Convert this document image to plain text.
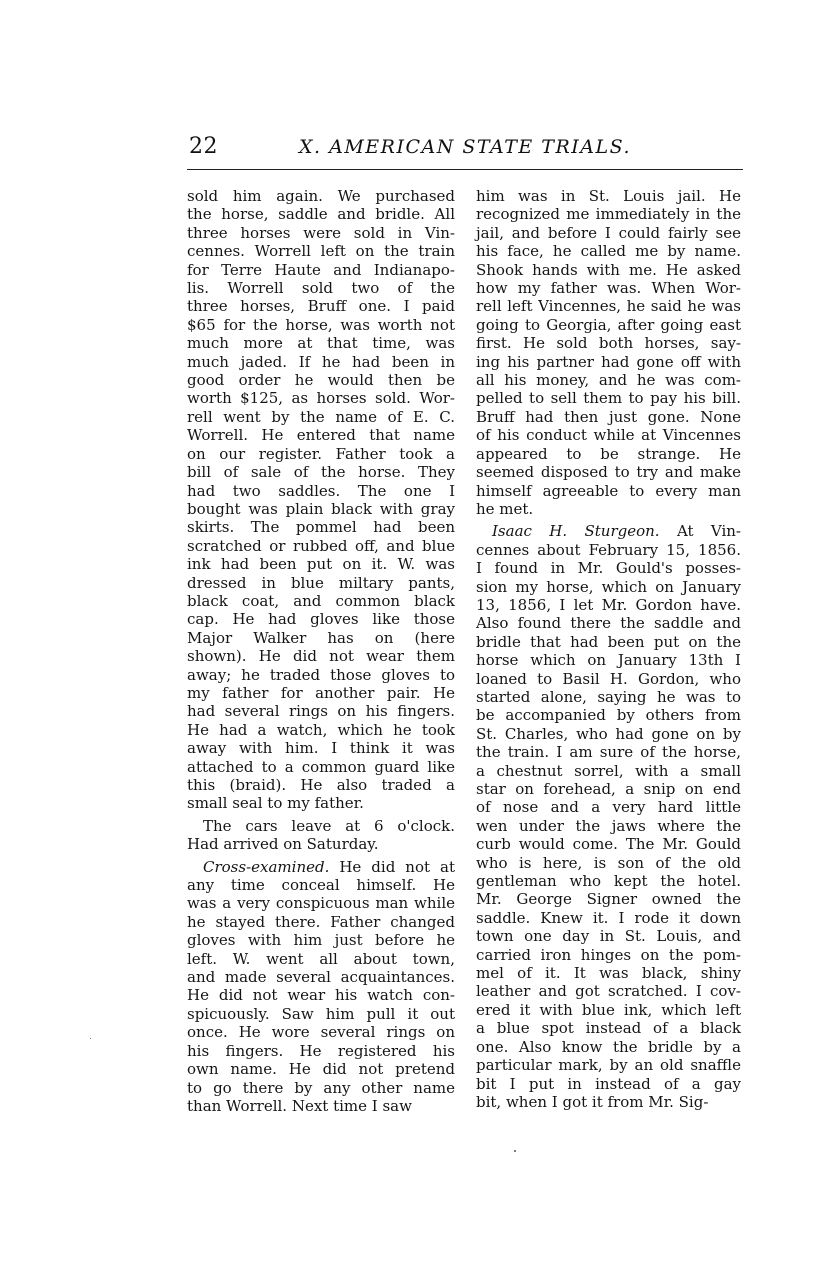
22	X. AMERICAN STATE TRIALS.
sold him again. We purchased
the horse, saddle and bridle. All
three horses were sold in Vin-
cennes. Worrell left on the train
for Terre Haute and Indianapo-
lis. Worrell sold two of the
three horses, Bruff one. I paid
$65 for the horse, was worth not
much more at that time, was
much jaded. If he had been in
good order he would then be
worth $125, as horses sold. Wor-
rell went by the name of E. C.
Worrell. He entered that name
on our register. Father took a
bill of sale of the horse. They
had two saddles. The one I
bought was plain black with gray
skirts. The pommel had been
scratched or rubbed off, and blue
ink had been put on it. W. was
dressed in blue miltary pants,
black coat, and common black
cap. He had gloves like those
Major Walker has on (here
shown). He did not wear them
away; he traded those gloves to
my father for another pair. He
had several rings on his fingers.
He had a watch, which he took
away with him. I think it was
attached to a common guard like
this (braid). He also traded a
small seal to my father.
The cars leave at 6 o'clock.
Had arrived on Saturday.
Cross-examined. He did not at
any time conceal himself. He
was a very conspicuous man while
he stayed there. Father changed
gloves with him just before he
left. W. went all about town,
and made several acquaintances.
He did not wear his watch con-
spicuously. Saw him pull it out
once. He wore several rings on
his fingers. He registered his
own name. He did not pretend
to go there by any other name
than Worrell. Next time I saw
him was in St. Louis jail. He
recognized me immediately in the
jail, and before I could fairly see
his face, he called me by name.
Shook hands with me. He asked
how my father was. When Wor-
rell left Vincennes, he said he was
going to Georgia, after going east
first. He sold both horses, say-
ing his partner had gone off with
all his money, and he was com-
pelled to sell them to pay his bill.
Bruff had then just gone. None
of his conduct while at Vincennes
appeared to be strange. He
seemed disposed to try and make
himself agreeable to every man
he met.
Isaac H. Sturgeon. At Vin-
cennes about February 15, 1856.
I found in Mr. Gould's posses-
sion my horse, which on January
13, 1856, I let Mr. Gordon have.
Also found there the saddle and
bridle that had been put on the
horse which on January 13th I
loaned to Basil H. Gordon, who
started alone, saying he was to
be accompanied by others from
St. Charles, who had gone on by
the train. I am sure of the horse,
a chestnut sorrel, with a small
star on forehead, a snip on end
of nose and a very hard little
wen under the jaws where the
curb would come. The Mr. Gould
who is here, is son of the old
gentleman who kept the hotel.
Mr. George Signer owned the
saddle. Knew it. I rode it down
town one day in St. Louis, and
carried iron hinges on the pom-
mel of it. It was black, shiny
leather and got scratched. I cov-
ered it with blue ink, which left
a blue spot instead of a black
one. Also know the bridle by a
particular mark, by an old snaffle
bit I put in instead of a gay
bit, when I got it from Mr. Sig-
